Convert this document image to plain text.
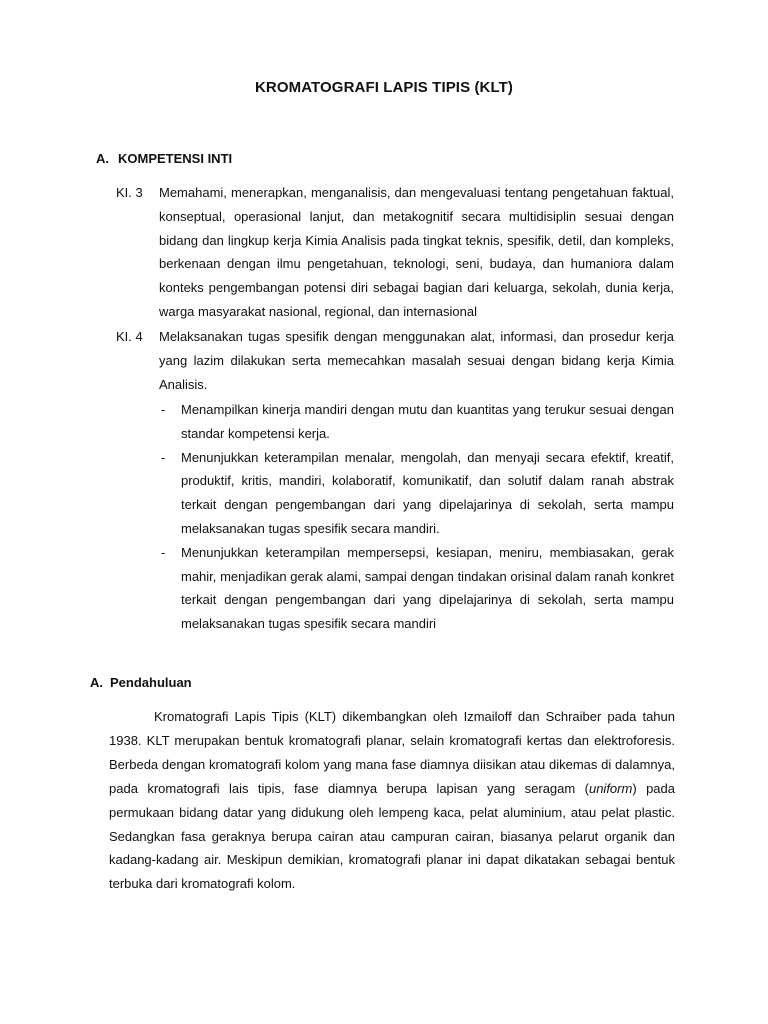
KROMATOGRAFI LAPIS TIPIS (KLT)
A. KOMPETENSI INTI
KI. 3	Memahami, menerapkan, menganalisis, dan mengevaluasi tentang pengetahuan faktual, konseptual, operasional lanjut, dan metakognitif secara multidisiplin sesuai dengan bidang dan lingkup kerja Kimia Analisis pada tingkat teknis, spesifik, detil, dan kompleks, berkenaan dengan ilmu pengetahuan, teknologi, seni, budaya, dan humaniora dalam konteks pengembangan potensi diri sebagai bagian dari keluarga, sekolah, dunia kerja, warga masyarakat nasional, regional, dan internasional
KI. 4	Melaksanakan tugas spesifik dengan menggunakan alat, informasi, dan prosedur kerja yang lazim dilakukan serta memecahkan masalah sesuai dengan bidang kerja Kimia Analisis.
- Menampilkan kinerja mandiri dengan mutu dan kuantitas yang terukur sesuai dengan standar kompetensi kerja.
- Menunjukkan keterampilan menalar, mengolah, dan menyaji secara efektif, kreatif, produktif, kritis, mandiri, kolaboratif, komunikatif, dan solutif dalam ranah abstrak terkait dengan pengembangan dari yang dipelajarinya di sekolah, serta mampu melaksanakan tugas spesifik secara mandiri.
- Menunjukkan keterampilan mempersepsi, kesiapan, meniru, membiasakan, gerak mahir, menjadikan gerak alami, sampai dengan tindakan orisinal dalam ranah konkret terkait dengan pengembangan dari yang dipelajarinya di sekolah, serta mampu melaksanakan tugas spesifik secara mandiri
A. Pendahuluan
Kromatografi Lapis Tipis (KLT) dikembangkan oleh Izmailoff dan Schraiber pada tahun 1938. KLT merupakan bentuk kromatografi planar, selain kromatografi kertas dan elektroforesis. Berbeda dengan kromatografi kolom yang mana fase diamnya diisikan atau dikemas di dalamnya, pada kromatografi lais tipis, fase diamnya berupa lapisan yang seragam (uniform) pada permukaan bidang datar yang didukung oleh lempeng kaca, pelat aluminium, atau pelat plastic. Sedangkan fasa geraknya berupa cairan atau campuran cairan, biasanya pelarut organik dan kadang-kadang air. Meskipun demikian, kromatografi planar ini dapat dikatakan sebagai bentuk terbuka dari kromatografi kolom.
